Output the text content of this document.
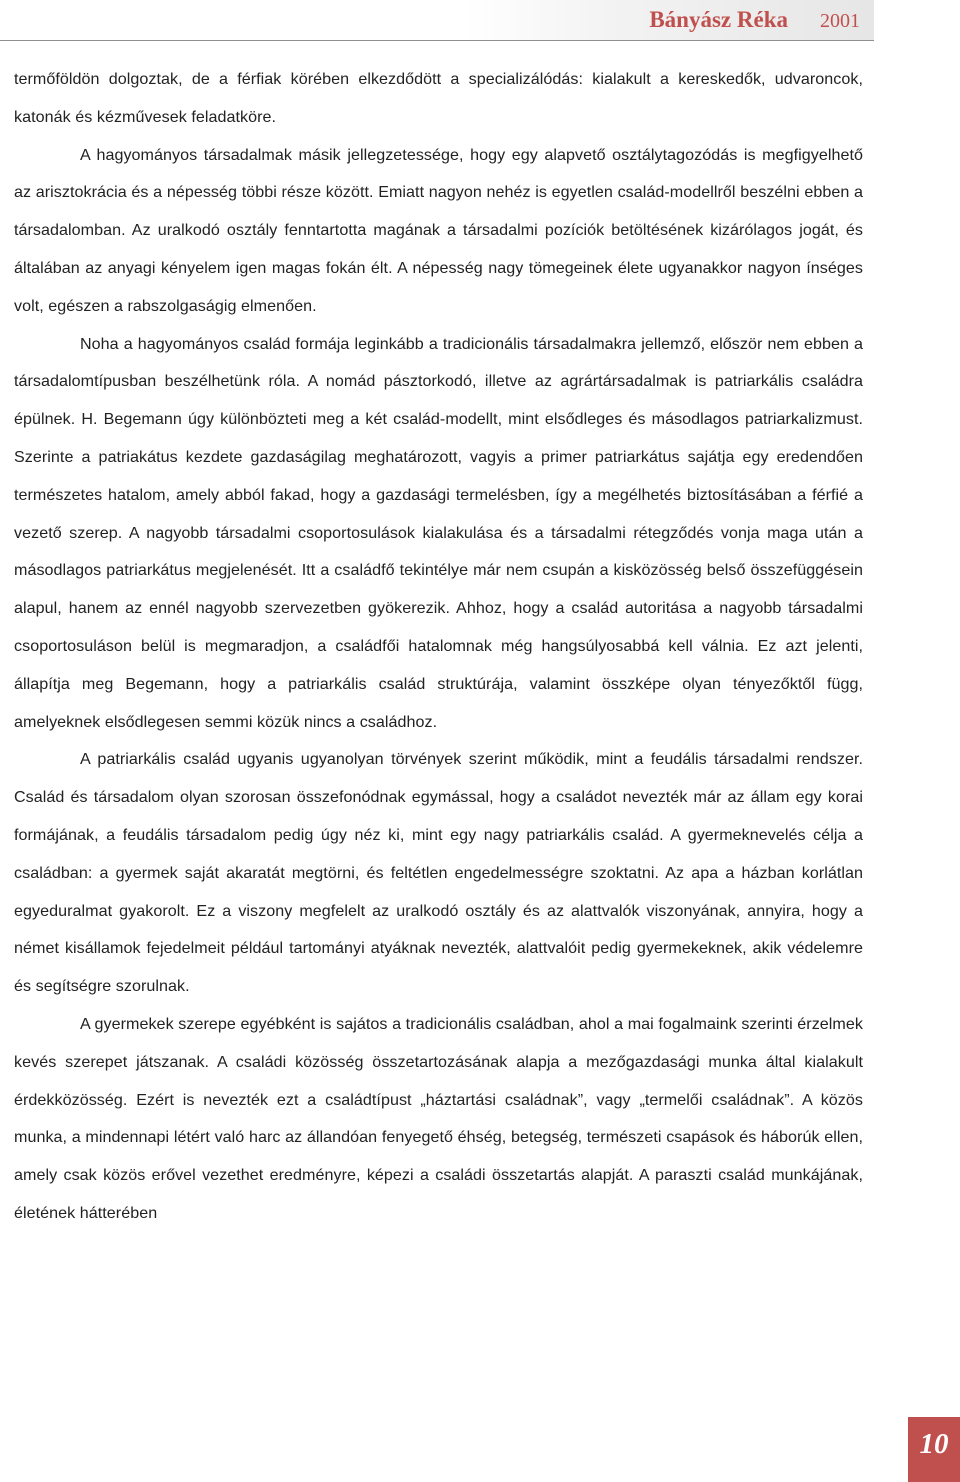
Bányász Réka 2001

termőföldön dolgoztak, de a férfiak körében elkezdődött a specializálódás: kialakult a kereskedők, udvaroncok, katonák és kézművesek feladatköre.

A hagyományos társadalmak másik jellegzetessége, hogy egy alapvető osztálytagozódás is megfigyelhető az arisztokrácia és a népesség többi része között. Emiatt nagyon nehéz is egyetlen család-modellről beszélni ebben a társadalomban. Az uralkodó osztály fenntartotta magának a társadalmi pozíciók betöltésének kizárólagos jogát, és általában az anyagi kényelem igen magas fokán élt. A népesség nagy tömegeinek élete ugyanakkor nagyon ínséges volt, egészen a rabszolgaságig elmenően.

Noha a hagyományos család formája leginkább a tradicionális társadalmakra jellemző, először nem ebben a társadalomtípusban beszélhetünk róla. A nomád pásztorkodó, illetve az agrártársadalmak is patriarkális családra épülnek. H. Begemann úgy különbözteti meg a két család-modellt, mint elsődleges és másodlagos patriarkalizmust. Szerinte a patriakátus kezdete gazdaságilag meghatározott, vagyis a primer patriarkátus sajátja egy eredendően természetes hatalom, amely abból fakad, hogy a gazdasági termelésben, így a megélhetés biztosításában a férfié a vezető szerep. A nagyobb társadalmi csoportosulások kialakulása és a társadalmi rétegződés vonja maga után a másodlagos patriarkátus megjelenését. Itt a családfő tekintélye már nem csupán a kisközösség belső összefüggésein alapul, hanem az ennél nagyobb szervezetben gyökerezik. Ahhoz, hogy a család autoritása a nagyobb társadalmi csoportosuláson belül is megmaradjon, a családfői hatalomnak még hangsúlyosabbá kell válnia. Ez azt jelenti, állapítja meg Begemann, hogy a patriarkális család struktúrája, valamint összképe olyan tényezőktől függ, amelyeknek elsődlegesen semmi közük nincs a családhoz.

A patriarkális család ugyanis ugyanolyan törvények szerint működik, mint a feudális társadalmi rendszer. Család és társadalom olyan szorosan összefonódnak egymással, hogy a családot nevezték már az állam egy korai formájának, a feudális társadalom pedig úgy néz ki, mint egy nagy patriarkális család. A gyermeknevelés célja a családban: a gyermek saját akaratát megtörni, és feltétlen engedelmességre szoktatni. Az apa a házban korlátlan egyeduralmat gyakorolt. Ez a viszony megfelelt az uralkodó osztály és az alattvalók viszonyának, annyira, hogy a német kisállamok fejedelmeit például tartományi atyáknak nevezték, alattvalóit pedig gyermekeknek, akik védelemre és segítségre szorulnak.

A gyermekek szerepe egyébként is sajátos a tradicionális családban, ahol a mai fogalmaink szerinti érzelmek kevés szerepet játszanak. A családi közösség összetartozásának alapja a mezőgazdasági munka által kialakult érdekközösség. Ezért is nevezték ezt a családtípust „háztartási családnak”, vagy „termelői családnak”. A közös munka, a mindennapi létért való harc az állandóan fenyegető éhség, betegség, természeti csapások és háborúk ellen, amely csak közös erővel vezethet eredményre, képezi a családi összetartás alapját. A paraszti család munkájának, életének hátterében

10
